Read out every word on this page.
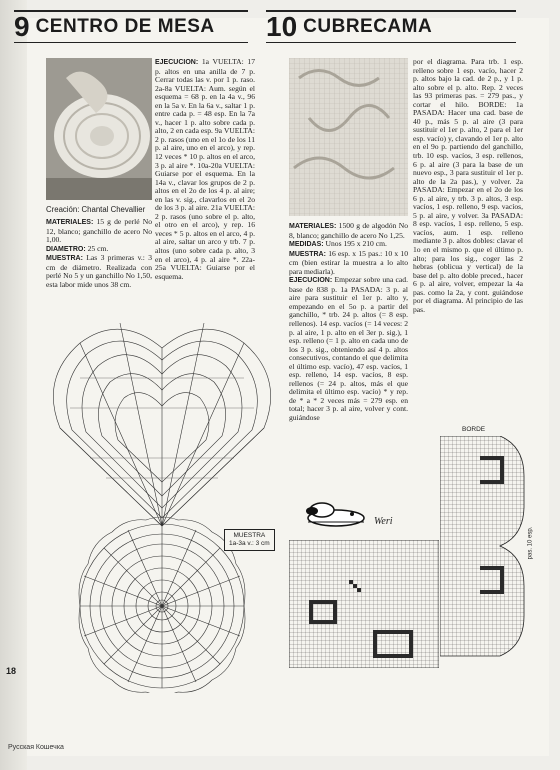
9 CENTRO DE MESA 10 CUBRECAMA
Creación: Chantal Chevallier
MATERIALES: 15 g de perlé No 12, blanco; ganchillo de acero No 1,00.
DIAMETRO: 25 cm.
MUESTRA: Las 3 primeras v.: 3 cm de diámetro. Realizada con perlé No 5 y un ganchillo No 1,50, esta labor mide unos 38 cm.
EJECUCION: 1a VUELTA: 17 p. altos en una anilla de 7 p. Cerrar todas las v. por 1 p. raso. 2a-8a VUELTA: Aum. según el esquema = 68 p. en la 4a v., 96 en la 5a v. En la 6a v., saltar 1 p. entre cada p. = 48 esp. En la 7a v., hacer 1 p. alto sobre cada p. alto, 2 en cada esp. 9a VUELTA: 2 p. rasos (uno en el 1o de los 11 p. al aire, uno en el arco), y rep. 12 veces * 10 p. altos en el arco, 3 p. al aire *. 10a-20a VUELTA: Guiarse por el esquema. En la 14a v., clavar los grupos de 2 p. altos en el 2o de los 4 p. al aire; en las v. sig., clavarlos en el 2o de los 3 p. al aire. 21a VUELTA: 2 p. rasos (uno sobre el p. alto, el otro en el arco), y rep. 16 veces * 5 p. altos en el arco, 4 p. al aire, saltar un arco y trb. 7 p. altos (uno sobre cada p. alto, 3 en el arco), 4 p. al aire *. 22a-25a VUELTA: Guiarse por el esquema.
MATERIALES: 1500 g de algodón No 8, blanco; ganchillo de acero No 1,25.
MEDIDAS: Unos 195 x 210 cm.
MUESTRA: 16 esp. x 15 pas.: 10 x 10 cm (bien estirar la muestra a lo alto para mediarla).
EJECUCION: Empezar sobre una cad. base de 838 p. 1a PASADA: 3 p. al aire para sustituir el 1er p. alto y, empezando en el 5o p. a partir del ganchillo, * trb. 24 p. altos (= 8 esp. rellenos). 14 esp. vacíos (= 14 veces: 2 p. al aire, 1 p. alto en el 3er p. sig.), 1 esp. relleno (= 1 p. alto en cada uno de los 3 p. sig., obteniendo así 4 p. altos consecutivos, contando el que delimita el último esp. vacío), 47 esp. vacíos, 1 esp. relleno, 14 esp. vacíos, 8 esp. rellenos (= 24 p. altos, más el que delimita el último esp. vacío) * y rep. de * a * 2 veces más = 279 esp. en total; hacer 3 p. al aire, volver y cont. guiándose
por el diagrama. Para trb. 1 esp. relleno sobre 1 esp. vacío, hacer 2 p. altos bajo la cad. de 2 p., y 1 p. alto sobre el p. alto. Rep. 2 veces las 93 primeras pas. = 279 pas., y cortar el hilo. BORDE: 1a PASADA: Hacer una cad. base de 40 p., más 5 p. al aire (3 para sustituir el 1er p. alto, 2 para el 1er esp. vacío) y, clavando el 1er p. alto en el 9o p. partiendo del ganchillo, trb. 10 esp. vacíos, 3 esp. rellenos, 6 p. al aire (3 para la base de un nuevo esp., 3 para sustituir el 1er p. alto de la 2a pas.), y volver. 2a PASADA: Empezar en el 2o de los 6 p. al aire, y trb. 3 p. altos, 3 esp. vacíos, 1 esp. relleno, 9 esp. vacíos, 5 p. al aire, y volver. 3a PASADA: 8 esp. vacíos, 1 esp. relleno, 5 esp. vacíos, aum. 1 esp. relleno mediante 3 p. altos dobles: clavar el 1o en el mismo p. que el último p. alto; para los sig., coger las 2 hebras (oblicua y vertical) de la base del p. alto doble preced., hacer 6 p. al aire, volver, empezar la 4a pas. como la 2a, y cont. guiándose por el diagrama. Al principio de las pas.
MUESTRA
1a-3a v.: 3 cm
Weri
BORDE
pas. 10 esp.
18
Русская Кошечка
